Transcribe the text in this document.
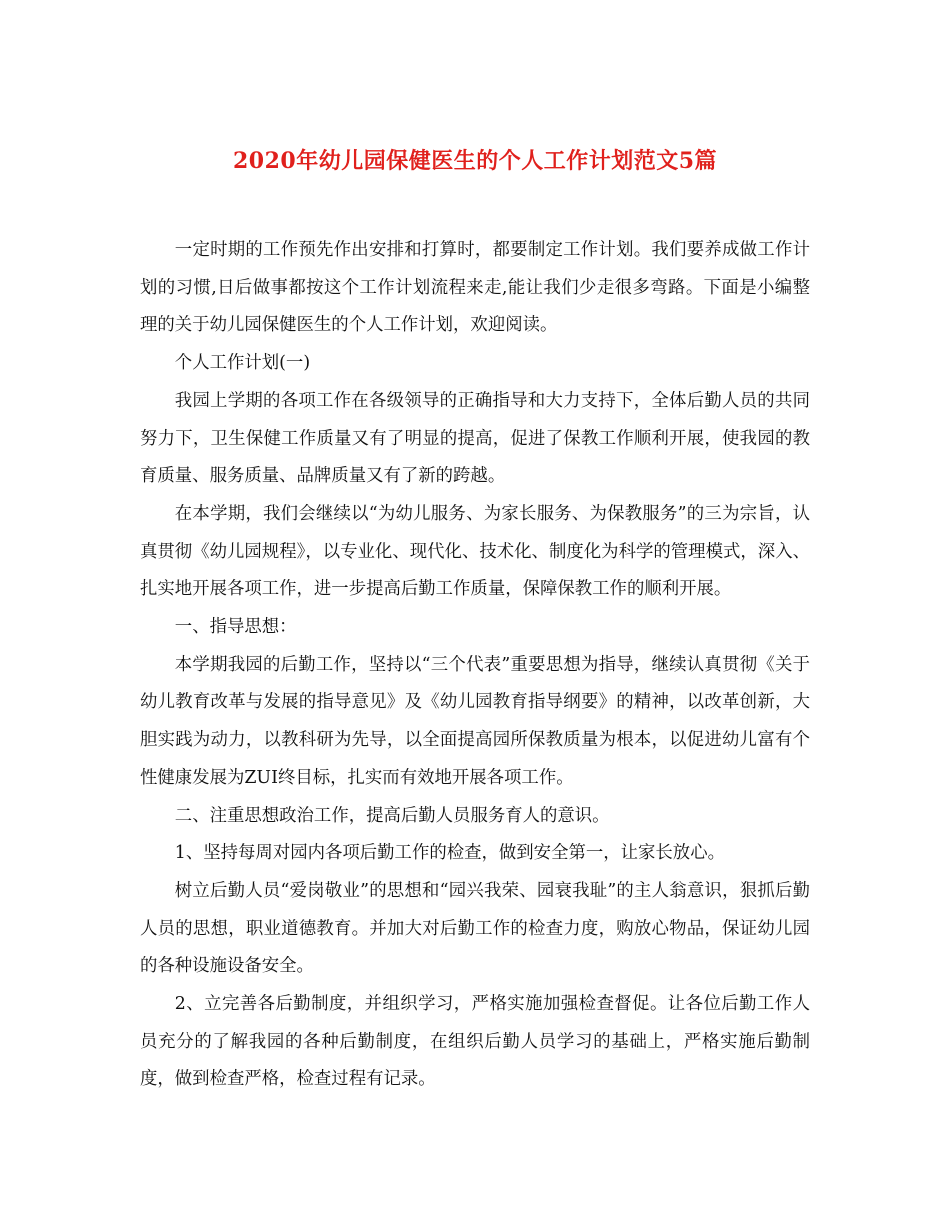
2020年幼儿园保健医生的个人工作计划范文5篇

一定时期的工作预先作出安排和打算时，都要制定工作计划。我们要养成做工作计划的习惯,日后做事都按这个工作计划流程来走,能让我们少走很多弯路。下面是小编整理的关于幼儿园保健医生的个人工作计划，欢迎阅读。

个人工作计划(一)

我园上学期的各项工作在各级领导的正确指导和大力支持下，全体后勤人员的共同努力下，卫生保健工作质量又有了明显的提高，促进了保教工作顺利开展，使我园的教育质量、服务质量、品牌质量又有了新的跨越。

在本学期，我们会继续以“为幼儿服务、为家长服务、为保教服务”的三为宗旨，认真贯彻《幼儿园规程》，以专业化、现代化、技术化、制度化为科学的管理模式，深入、扎实地开展各项工作，进一步提高后勤工作质量，保障保教工作的顺利开展。

一、指导思想：

本学期我园的后勤工作，坚持以“三个代表”重要思想为指导，继续认真贯彻《关于幼儿教育改革与发展的指导意见》及《幼儿园教育指导纲要》的精神，以改革创新，大胆实践为动力，以教科研为先导，以全面提高园所保教质量为根本，以促进幼儿富有个性健康发展为ZUI终目标，扎实而有效地开展各项工作。

二、注重思想政治工作，提高后勤人员服务育人的意识。

1、坚持每周对园内各项后勤工作的检查，做到安全第一，让家长放心。

树立后勤人员“爱岗敬业”的思想和“园兴我荣、园衰我耻”的主人翁意识，狠抓后勤人员的思想，职业道德教育。并加大对后勤工作的检查力度，购放心物品，保证幼儿园的各种设施设备安全。

2、立完善各后勤制度，并组织学习，严格实施加强检查督促。让各位后勤工作人员充分的了解我园的各种后勤制度，在组织后勤人员学习的基础上，严格实施后勤制度，做到检查严格，检查过程有记录。
